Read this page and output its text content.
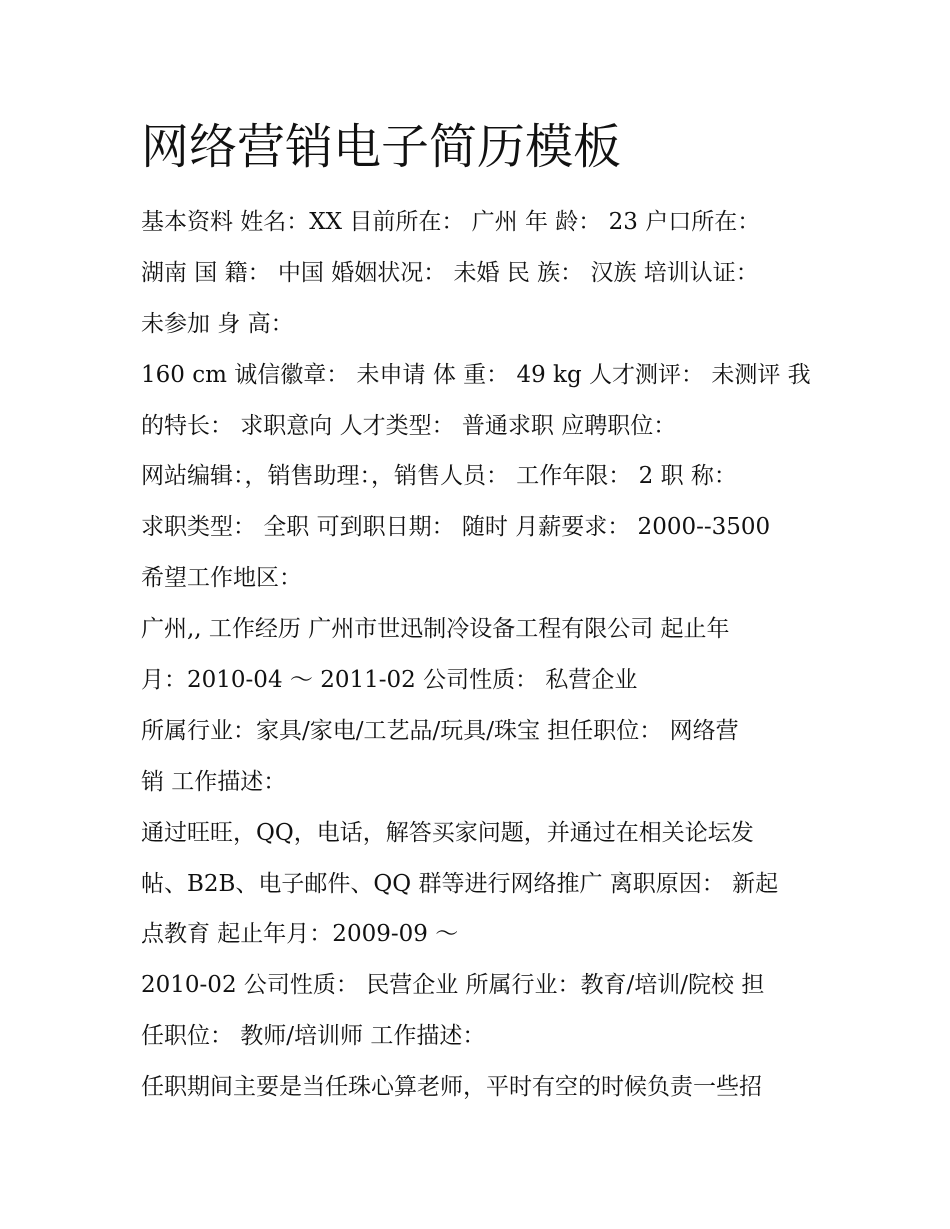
网络营销电子简历模板
基本资料 姓名：XX 目前所在： 广州 年 龄： 23 户口所在：
湖南 国 籍： 中国 婚姻状况： 未婚 民 族： 汉族 培训认证：
未参加 身 高：
160 cm 诚信徽章： 未申请 体 重： 49 kg 人才测评： 未测评 我
的特长： 求职意向 人才类型： 普通求职 应聘职位：
网站编辑：，销售助理：，销售人员： 工作年限： 2 职 称：
求职类型： 全职 可到职日期： 随时 月薪要求： 2000--3500
希望工作地区：
广州,, 工作经历 广州市世迅制冷设备工程有限公司 起止年
月：2010-04 ～ 2011-02 公司性质： 私营企业
所属行业：家具/家电/工艺品/玩具/珠宝 担任职位： 网络营
销 工作描述：
通过旺旺，QQ，电话，解答买家问题，并通过在相关论坛发
帖、B2B、电子邮件、QQ 群等进行网络推广 离职原因： 新起
点教育 起止年月：2009-09 ～
2010-02 公司性质： 民营企业 所属行业：教育/培训/院校 担
任职位： 教师/培训师 工作描述：
任职期间主要是当任珠心算老师，平时有空的时候负责一些招
